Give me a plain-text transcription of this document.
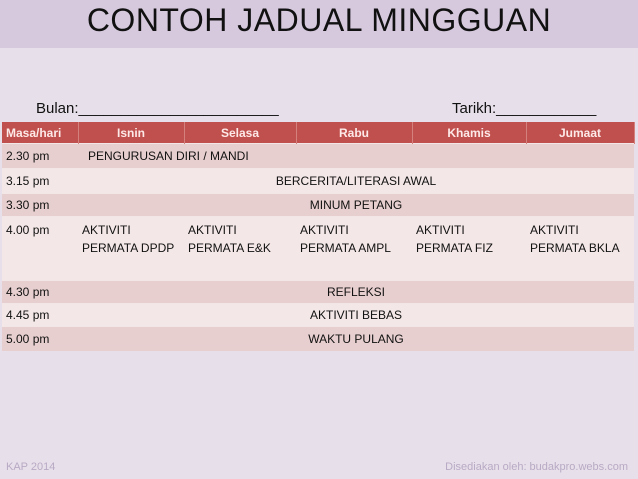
CONTOH JADUAL MINGGUAN
Bulan:________________________	Tarikh:____________
Masa/hari	Isnin	Selasa	Rabu	Khamis	Jumaat
2.30 pm	PENGURUSAN DIRI / MANDI				
3.15 pm	BERCERITA/LITERASI AWAL				
3.30 pm	MINUM PETANG				
4.00 pm	AKTIVITI PERMATA DPDP	AKTIVITI PERMATA E&K	AKTIVITI PERMATA AMPL	AKTIVITI PERMATA FIZ	AKTIVITI PERMATA BKLA
4.30 pm	REFLEKSI				
4.45 pm	AKTIVITI BEBAS				
5.00 pm	WAKTU PULANG				
KAP 2014	Disediakan oleh: budakpro.webs.com
